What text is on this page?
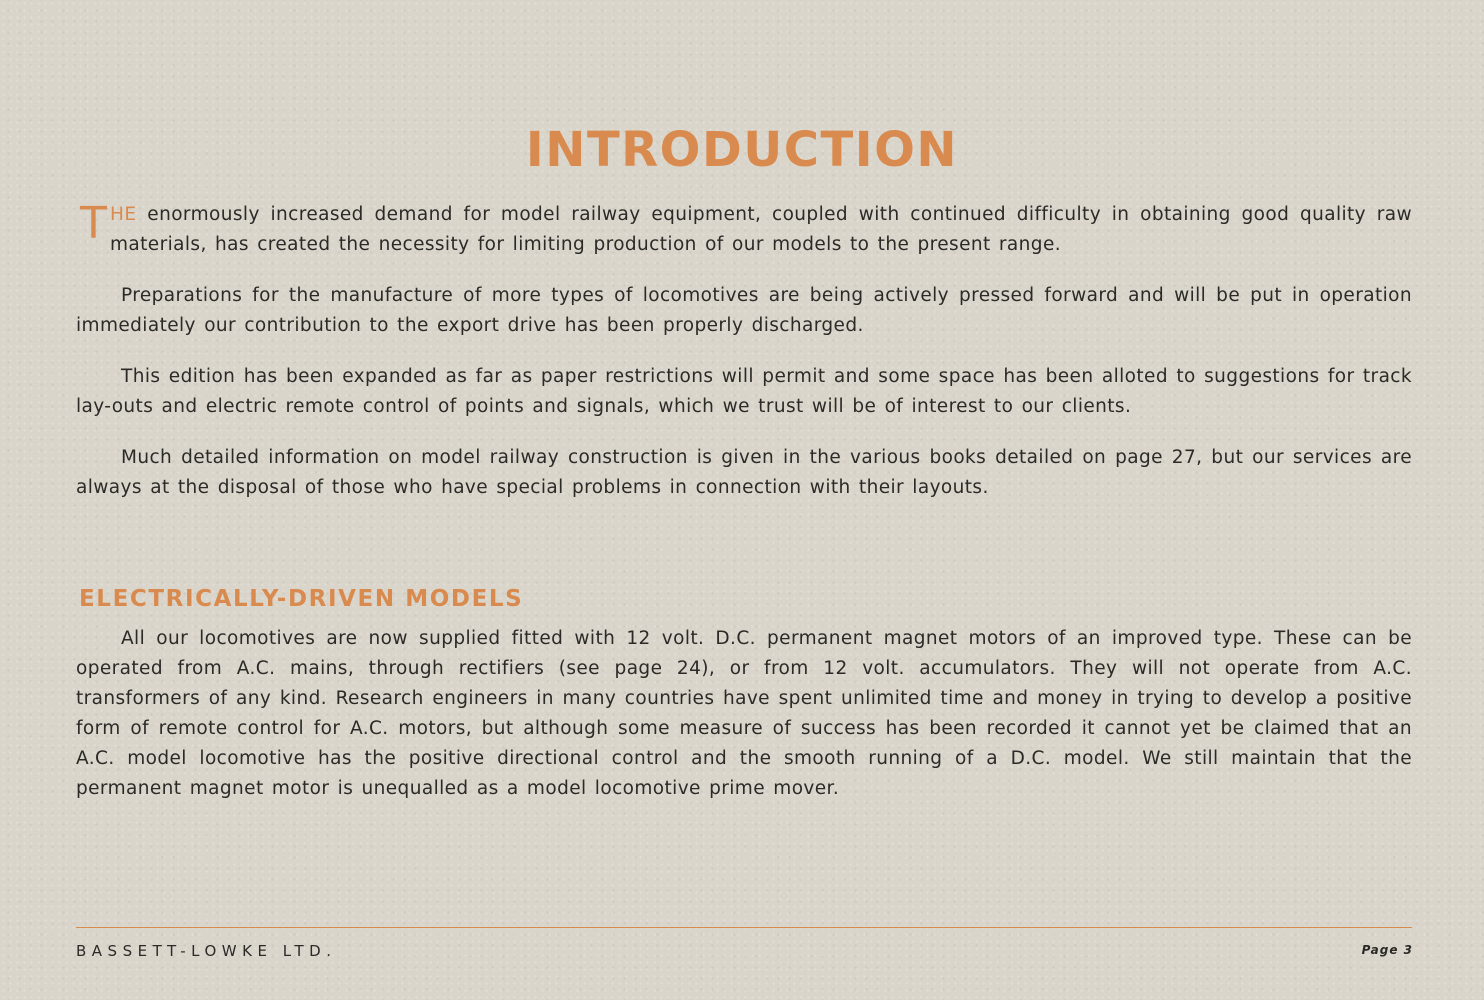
INTRODUCTION

T HE enormously increased demand for model railway equipment, coupled with continued difficulty in obtaining good quality raw materials, has created the necessity for limiting production of our models to the present range.

Preparations for the manufacture of more types of locomotives are being actively pressed forward and will be put in operation immediately our contribution to the export drive has been properly discharged.

This edition has been expanded as far as paper restrictions will permit and some space has been alloted to suggestions for track lay-outs and electric remote control of points and signals, which we trust will be of interest to our clients.

Much detailed information on model railway construction is given in the various books detailed on page 27, but our services are always at the disposal of those who have special problems in connection with their layouts.

ELECTRICALLY-DRIVEN MODELS

All our locomotives are now supplied fitted with 12 volt. D.C. permanent magnet motors of an improved type. These can be operated from A.C. mains, through rectifiers (see page 24), or from 12 volt. accumulators. They will not operate from A.C. transformers of any kind. Research engineers in many countries have spent unlimited time and money in trying to develop a positive form of remote control for A.C. motors, but although some measure of success has been recorded it cannot yet be claimed that an A.C. model locomotive has the positive directional control and the smooth running of a D.C. model. We still maintain that the permanent magnet motor is unequalled as a model locomotive prime mover.

BASSETT-LOWKE LTD.	Page 3
